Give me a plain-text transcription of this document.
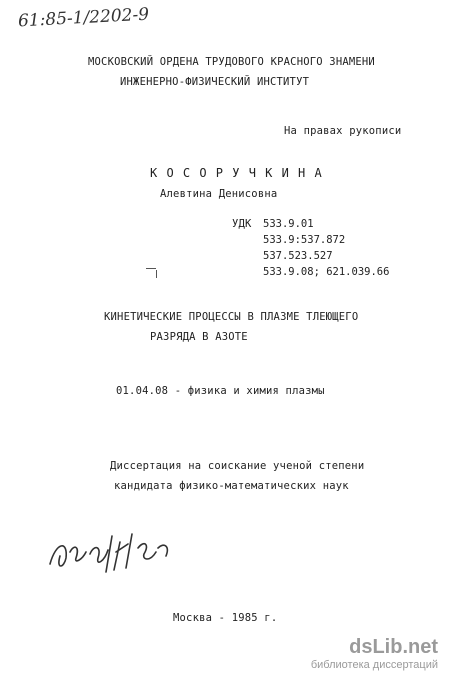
61:85-1/2202-9
МОСКОВСКИЙ ОРДЕНА ТРУДОВОГО КРАСНОГО ЗНАМЕНИ
ИНЖЕНЕРНО-ФИЗИЧЕСКИЙ ИНСТИТУТ
На правах рукописи
К О С О Р У Ч К И Н А
Алевтина Денисовна
УДК 533.9.01
533.9:537.872
537.523.527
533.9.08; 621.039.66
КИНЕТИЧЕСКИЕ ПРОЦЕССЫ В ПЛАЗМЕ ТЛЕЮЩЕГО
РАЗРЯДА В АЗОТЕ
01.04.08 - физика и химия плазмы
Диссертация на соискание ученой степени
кандидата физико-математических наук
Москва - 1985 г.
dsLib.net
библиотека диссертаций
